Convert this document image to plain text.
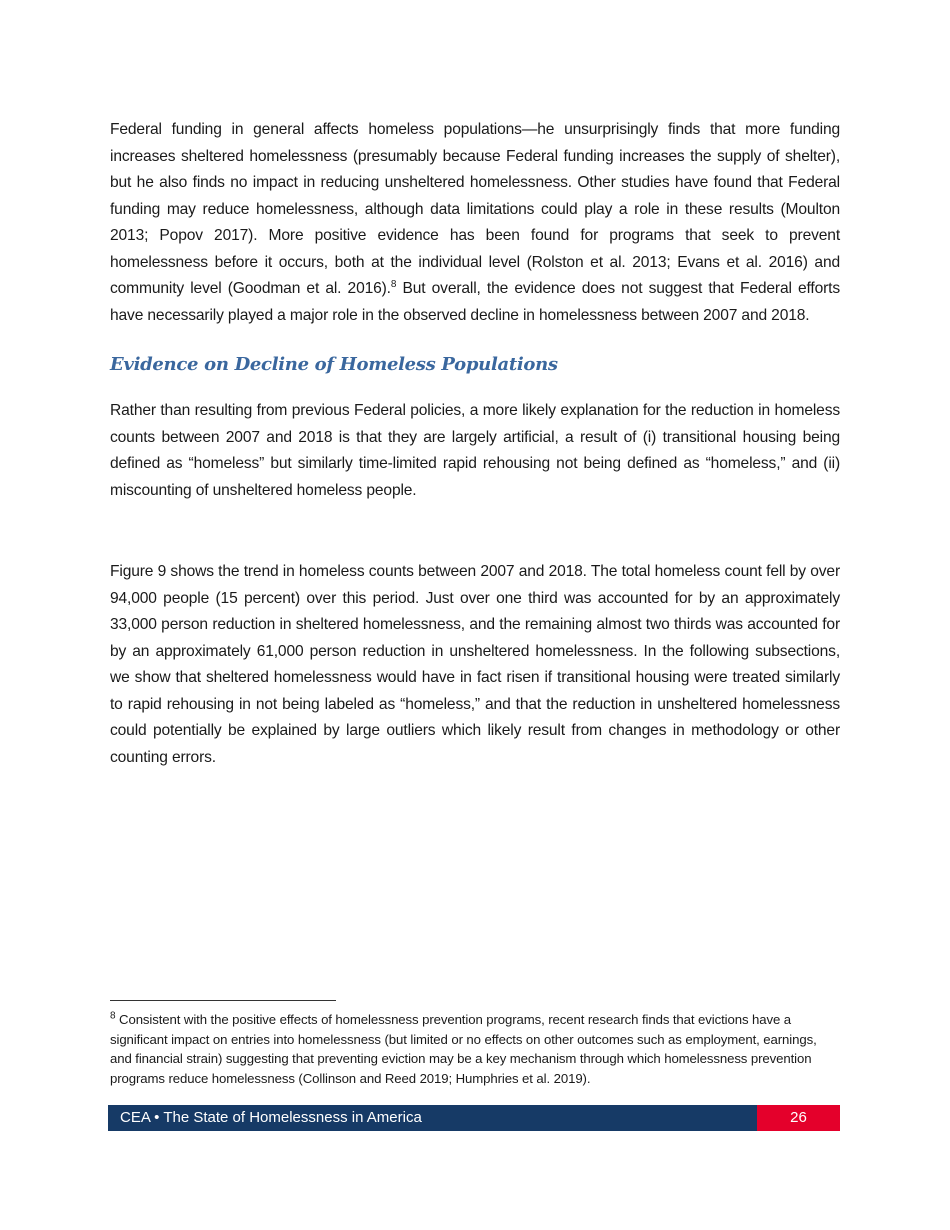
Federal funding in general affects homeless populations—he unsurprisingly finds that more funding increases sheltered homelessness (presumably because Federal funding increases the supply of shelter), but he also finds no impact in reducing unsheltered homelessness. Other studies have found that Federal funding may reduce homelessness, although data limitations could play a role in these results (Moulton 2013; Popov 2017). More positive evidence has been found for programs that seek to prevent homelessness before it occurs, both at the individual level (Rolston et al. 2013; Evans et al. 2016) and community level (Goodman et al. 2016).$^8$ But overall, the evidence does not suggest that Federal efforts have necessarily played a major role in the observed decline in homelessness between 2007 and 2018.

Evidence on Decline of Homeless Populations

Rather than resulting from previous Federal policies, a more likely explanation for the reduction in homeless counts between 2007 and 2018 is that they are largely artificial, a result of (i) transitional housing being defined as “homeless” but similarly time-limited rapid rehousing not being defined as “homeless,” and (ii) miscounting of unsheltered homeless people.

Figure 9 shows the trend in homeless counts between 2007 and 2018. The total homeless count fell by over 94,000 people (15 percent) over this period. Just over one third was accounted for by an approximately 33,000 person reduction in sheltered homelessness, and the remaining almost two thirds was accounted for by an approximately 61,000 person reduction in unsheltered homelessness. In the following subsections, we show that sheltered homelessness would have in fact risen if transitional housing were treated similarly to rapid rehousing in not being labeled as “homeless,” and that the reduction in unsheltered homelessness could potentially be explained by large outliers which likely result from changes in methodology or other counting errors.

$^8$ Consistent with the positive effects of homelessness prevention programs, recent research finds that evictions have a significant impact on entries into homelessness (but limited or no effects on other outcomes such as employment, earnings, and financial strain) suggesting that preventing eviction may be a key mechanism through which homelessness prevention programs reduce homelessness (Collinson and Reed 2019; Humphries et al. 2019).

CEA • The State of Homelessness in America	26
